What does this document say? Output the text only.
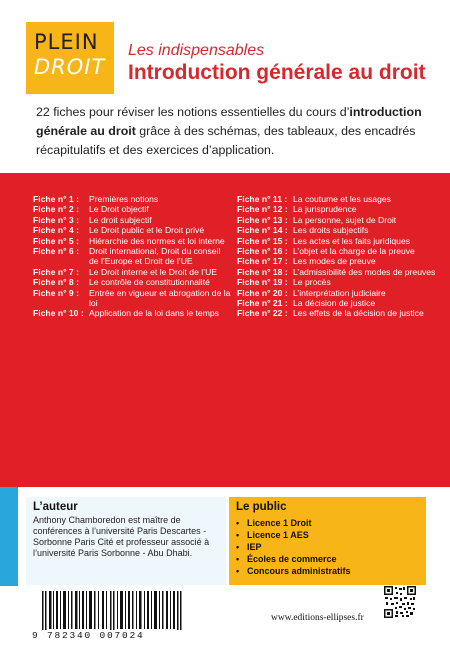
PLEIN
DROIT
Les indispensables
Introduction générale au droit

22 fiches pour réviser les notions essentielles du cours d’introduction générale au droit grâce à des schémas, des tableaux, des encadrés récapitulatifs et des exercices d’application.

Fiche n° 1 :	Premières notions
Fiche n° 2 :	Le Droit objectif
Fiche n° 3 :	Le droit subjectif
Fiche n° 4 :	Le Droit public et le Droit privé
Fiche n° 5 :	Hiérarchie des normes et loi interne
Fiche n° 6 :	Droit international, Droit du conseil de l’Europe et Droit de l’UE
Fiche n° 7 :	Le Droit interne et le Droit de l’UE
Fiche n° 8 :	Le contrôle de constitutionnalité
Fiche n° 9 :	Entrée en vigueur et abrogation de la loi
Fiche n° 10 : Application de la loi dans le temps
Fiche n° 11 : La coutume et les usages
Fiche n° 12 : La jurisprudence
Fiche n° 13 : La personne, sujet de Droit
Fiche n° 14 : Les droits subjectifs
Fiche n° 15 : Les actes et les faits juridiques
Fiche n° 16 : L’objet et la charge de la preuve
Fiche n° 17 : Les modes de preuve
Fiche n° 18 : L’admissibilité des modes de preuves
Fiche n° 19 : Le procès
Fiche n° 20 : L’interprétation judiciaire
Fiche n° 21 : La décision de justice
Fiche n° 22 : Les effets de la décision de justice
L’auteur
Anthony Chamboredon est maître de conférences à l’université Paris Descartes - Sorbonne Paris Cité et professeur associé à l’université Paris Sorbonne - Abu Dhabi.
Le public
• Licence 1 Droit
• Licence 1 AES
• IEP
• Écoles de commerce
• Concours administratifs
9 782340 007024
www.editions-ellipses.fr
